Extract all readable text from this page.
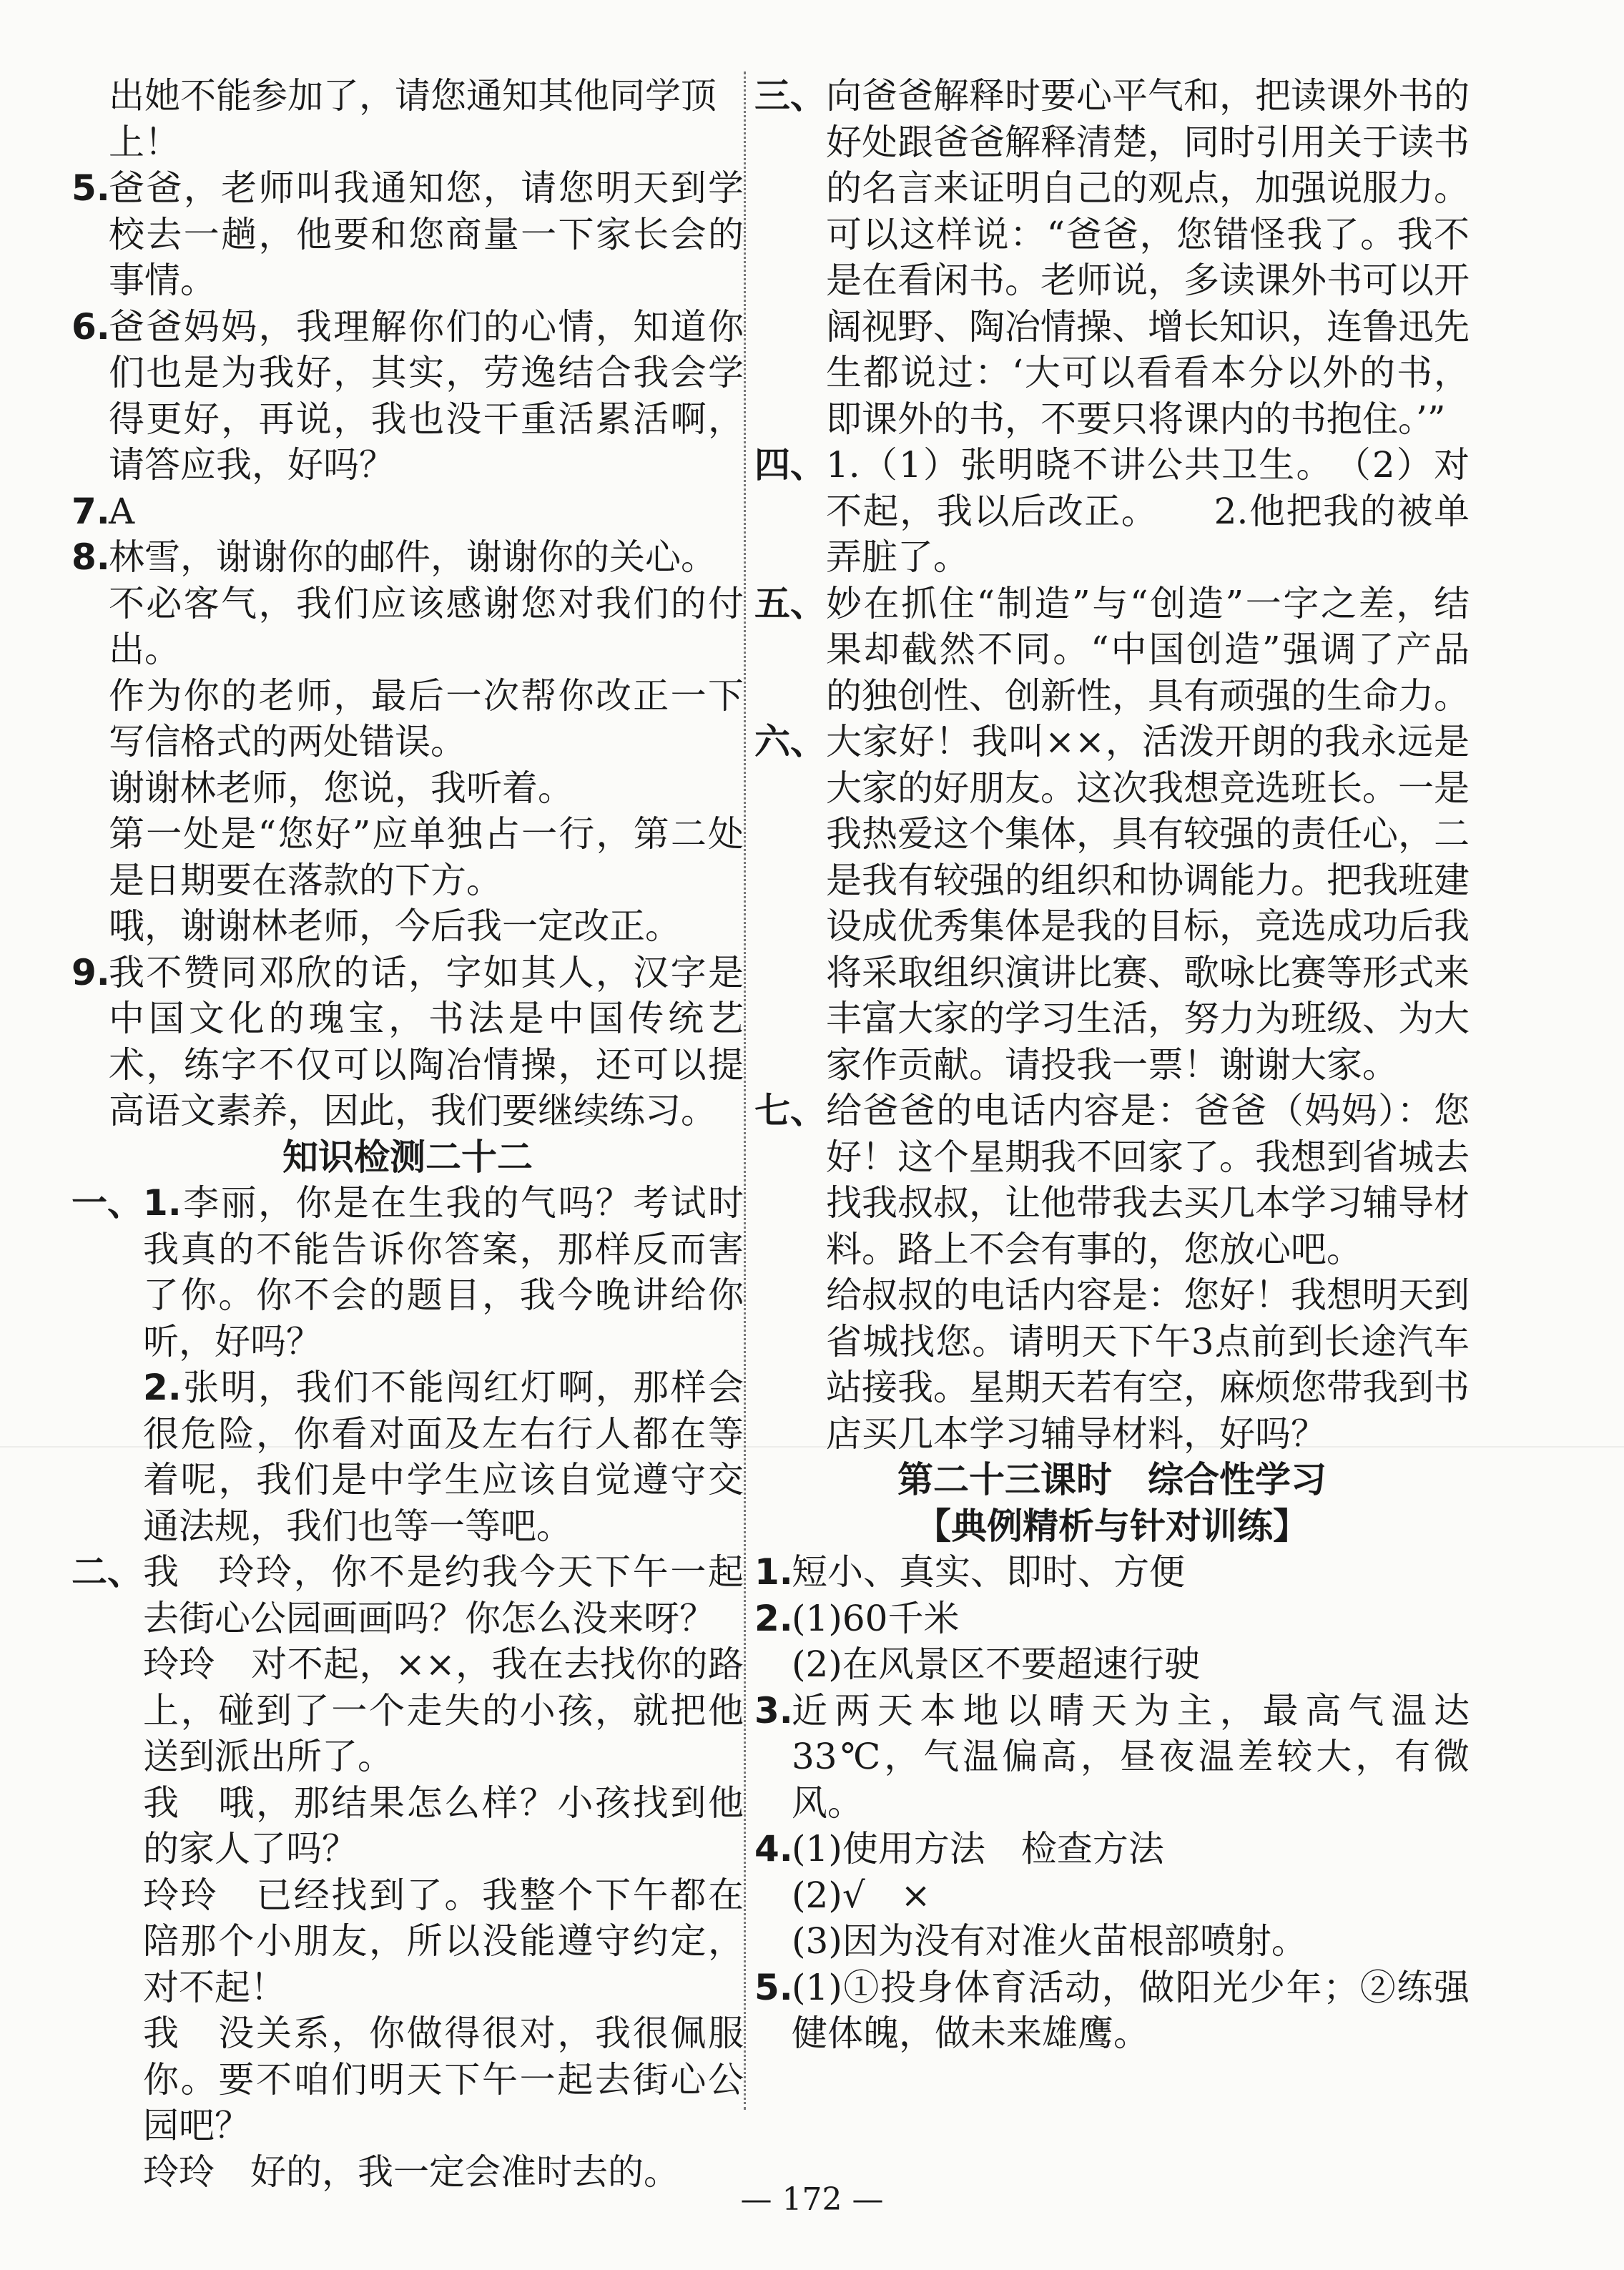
出她不能参加了，请您通知其他同学顶上！

5.
爸爸，老师叫我通知您，请您明天到学校去一趟，他要和您商量一下家长会的事情。
6.
爸爸妈妈，我理解你们的心情，知道你们也是为我好，其实，劳逸结合我会学得更好，再说，我也没干重活累活啊，请答应我，好吗？
7.
A
8.

林雪，谢谢你的邮件，谢谢你的关心。

不必客气，我们应该感谢您对我们的付出。

作为你的老师，最后一次帮你改正一下写信格式的两处错误。

谢谢林老师，您说，我听着。

第一处是“您好”应单独占一行，第二处是日期要在落款的下方。

哦，谢谢林老师，今后我一定改正。

9.
我不赞同邓欣的话，字如其人，汉字是中国文化的瑰宝，书法是中国传统艺术，练字不仅可以陶冶情操，还可以提高语文素养，因此，我们要继续练习。

知识检测二十二

一、 1.李丽，你是在生我的气吗？考试时我真的不能告诉你答案，那样反而害了你。你不会的题目，我今晚讲给你听，好吗？
2.张明，我们不能闯红灯啊，那样会很危险，你看对面及左右行人都在等着呢，我们是中学生应该自觉遵守交通法规，我们也等一等吧。
二、 我　玲玲，你不是约我今天下午一起去街心公园画画吗？你怎么没来呀？

玲玲　对不起，××，我在去找你的路上，碰到了一个走失的小孩，就把他送到派出所了。

我　哦，那结果怎么样？小孩找到他的家人了吗？

玲玲　已经找到了。我整个下午都在陪那个小朋友，所以没能遵守约定，对不起！

我　没关系，你做得很对，我很佩服你。要不咱们明天下午一起去街心公园吧？

玲玲　好的，我一定会准时去的。

三、 向爸爸解释时要心平气和，把读课外书的好处跟爸爸解释清楚，同时引用关于读书的名言来证明自己的观点，加强说服力。可以这样说：“爸爸，您错怪我了。我不是在看闲书。老师说，多读课外书可以开阔视野、陶冶情操、增长知识，连鲁迅先生都说过：‘大可以看看本分以外的书，即课外的书，不要只将课内的书抱住。’”
四、 1.（1）张明晓不讲公共卫生。　（2）对不起，我以后改正。　　2.他把我的被单弄脏了。
五、 妙在抓住“制造”与“创造”一字之差，结果却截然不同。“中国创造”强调了产品的独创性、创新性，具有顽强的生命力。
六、 大家好！我叫××，活泼开朗的我永远是大家的好朋友。这次我想竞选班长。一是我热爱这个集体，具有较强的责任心，二是我有较强的组织和协调能力。把我班建设成优秀集体是我的目标，竞选成功后我将采取组织演讲比赛、歌咏比赛等形式来丰富大家的学习生活，努力为班级、为大家作贡献。请投我一票！谢谢大家。
七、 给爸爸的电话内容是：爸爸（妈妈）：您好！这个星期我不回家了。我想到省城去找我叔叔，让他带我去买几本学习辅导材料。路上不会有事的，您放心吧。

给叔叔的电话内容是：您好！我想明天到省城找您。请明天下午3点前到长途汽车站接我。星期天若有空，麻烦您带我到书店买几本学习辅导材料，好吗？

第二十三课时　综合性学习

【典例精析与针对训练】

1.
短小、真实、即时、方便
2.

(1)60千米

(2)在风景区不要超速行驶

3.
近两天本地以晴天为主，最高气温达33℃，气温偏高，昼夜温差较大，有微风。
4.

(1)使用方法　检查方法

(2)√　×

(3)因为没有对准火苗根部喷射。

5.
(1)①投身体育活动，做阳光少年；②练强健体魄，做未来雄鹰。
— 172 —
